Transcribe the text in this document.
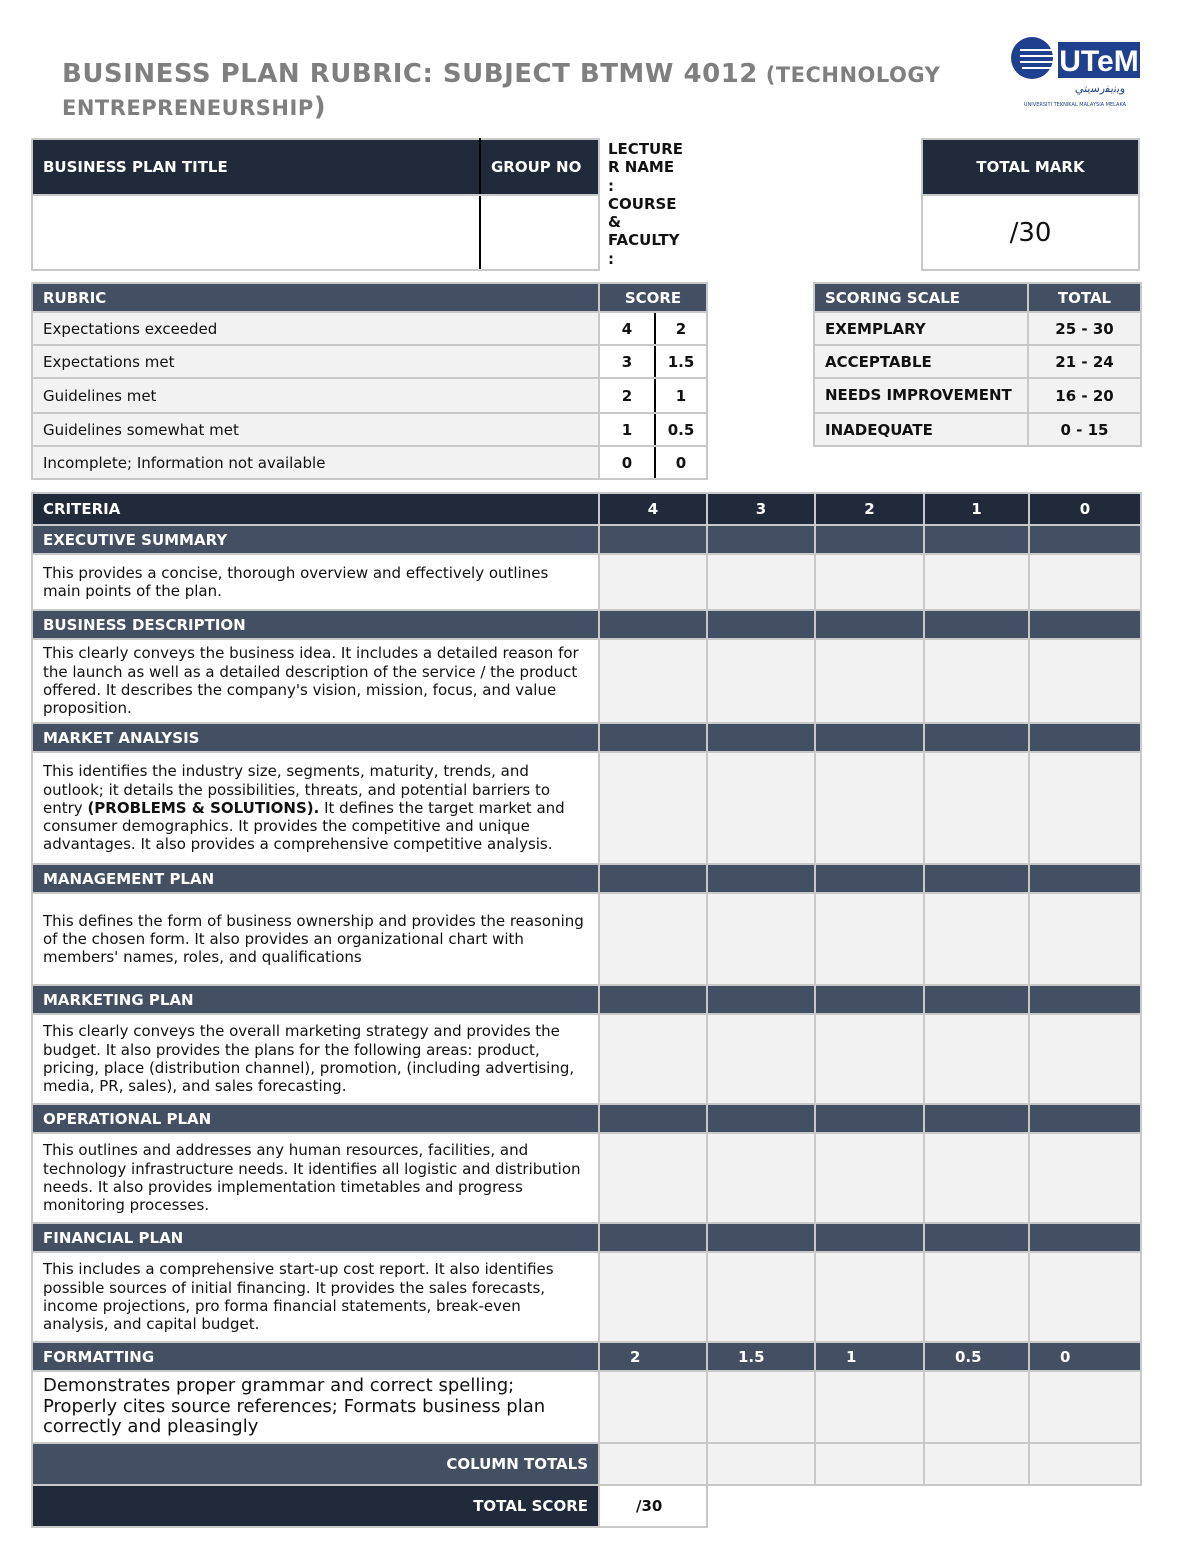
BUSINESS PLAN RUBRIC: SUBJECT BTMW 4012 (TECHNOLOGY ENTREPRENEURSHIP)
UTeM
ﻭﻳﻧﻳﻔﺭﺳﻳﺘﻲ
UNIVERSITI TEKNIKAL MALAYSIA MELAKA
BUSINESS PLAN TITLE	GROUP NO

LECTURE
R NAME
:
COURSE
&
FACULTY
:
TOTAL MARK
/30
RUBRIC	SCORE	
Expectations exceeded	4	2
Expectations met	3	1.5
Guidelines met	2	1
Guidelines somewhat met	1	0.5
Incomplete; Information not available	0	0
SCORING SCALE	TOTAL
EXEMPLARY	25 - 30
ACCEPTABLE	21 - 24
NEEDS IMPROVEMENT	16 - 20
INADEQUATE	0 - 15
CRITERIA	4	3	2	1	0
EXECUTIVE SUMMARY					
This provides a concise, thorough overview and effectively outlines main points of the plan.					
BUSINESS DESCRIPTION					
This clearly conveys the business idea. It includes a detailed reason for the launch as well as a detailed description of the service / the product offered. It describes the company's vision, mission, focus, and value proposition.					
MARKET ANALYSIS					
This identifies the industry size, segments, maturity, trends, and outlook; it details the possibilities, threats, and potential barriers to entry (PROBLEMS & SOLUTIONS). It defines the target market and consumer demographics. It provides the competitive and unique advantages. It also provides a comprehensive competitive analysis.					
MANAGEMENT PLAN					
This defines the form of business ownership and provides the reasoning of the chosen form. It also provides an organizational chart with members' names, roles, and qualifications					
MARKETING PLAN					
This clearly conveys the overall marketing strategy and provides the budget. It also provides the plans for the following areas: product, pricing, place (distribution channel), promotion, (including advertising, media, PR, sales), and sales forecasting.					
OPERATIONAL PLAN					
This outlines and addresses any human resources, facilities, and technology infrastructure needs. It identifies all logistic and distribution needs. It also provides implementation timetables and progress monitoring processes.					
FINANCIAL PLAN					
This includes a comprehensive start-up cost report. It also identifies possible sources of initial financing. It provides the sales forecasts, income projections, pro forma financial statements, break-even analysis, and capital budget.					
FORMATTING	2	1.5	1	0.5	0
Demonstrates proper grammar and correct spelling; Properly cites source references; Formats business plan correctly and pleasingly					
COLUMN TOTALS					
TOTAL SCORE	/30				
